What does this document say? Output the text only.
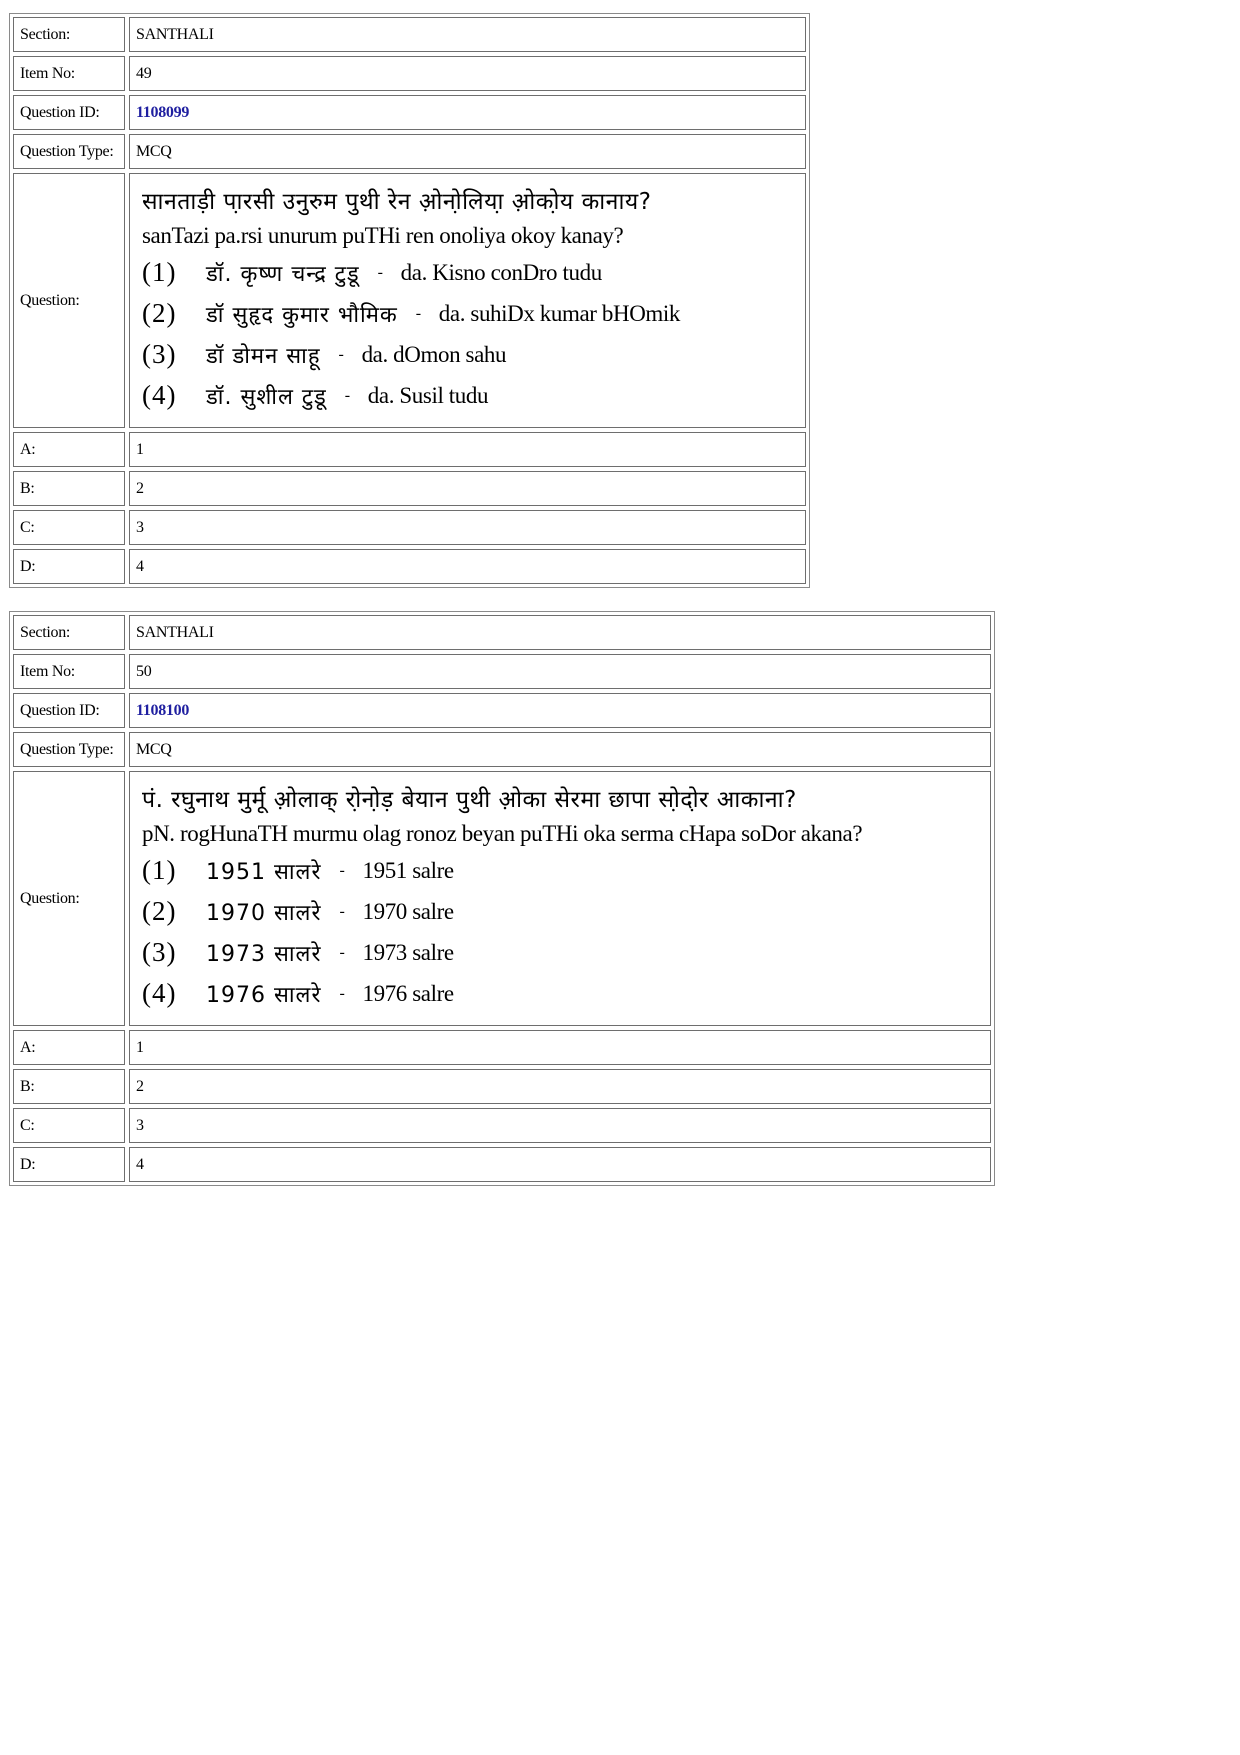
Section:	SANTHALI
Item No:	49
Question ID:	1108099
Question Type:	MCQ
Question:
सानताड़ी पा़रसी उनुरुम पुथी रेन ओ़नो़लिया़ ओ़को़य कानाय?
sanTazi pa.rsi unurum puTHi ren onoliya okoy kanay?
(1)	डॉ. कृष्ण चन्द्र टुडू - da. Kisno conDro tudu
(2)	डॉ सुहृद कुमार भौमिक - da. suhiDx kumar bHOmik
(3)	डॉ डोमन साहू - da. dOmon sahu
(4)	डॉ. सुशील टुडू - da. Susil tudu
A:	1
B:	2
C:	3
D:	4
Section:	SANTHALI
Item No:	50
Question ID:	1108100
Question Type:	MCQ
Question:
पं. रघुनाथ मुर्मू ओ़लाक् रो़नो़ड़ बेयान पुथी ओ़का सेरमा छापा सो़दो़र आकाना?
pN. rogHunaTH murmu olag ronoz beyan puTHi oka serma cHapa soDor akana?
(1)	1951 सालरे - 1951 salre
(2)	1970 सालरे - 1970 salre
(3)	1973 सालरे - 1973 salre
(4)	1976 सालरे - 1976 salre
A:	1
B:	2
C:	3
D:	4
